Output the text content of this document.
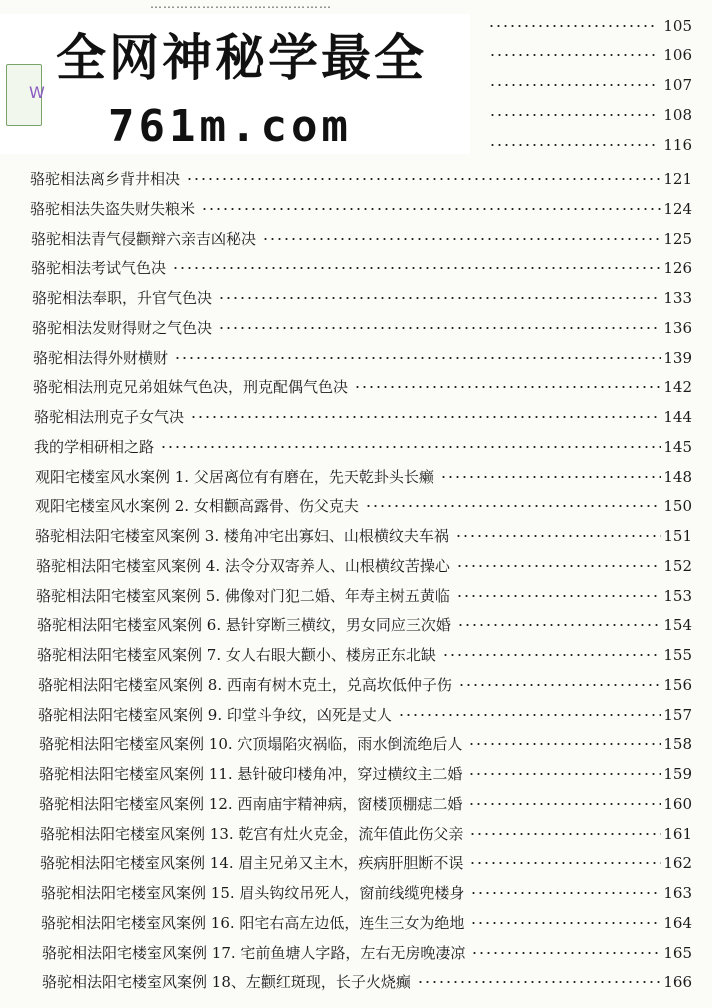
……………………………………
105
106
107
108
116
骆驼相法离乡背井相决	121
骆驼相法失盗失财失粮米	124
骆驼相法青气侵颧辩六亲吉凶秘决	125
骆驼相法考试气色决	126
骆驼相法奉职，升官气色决	133
骆驼相法发财得财之气色决	136
骆驼相法得外财横财	139
骆驼相法刑克兄弟姐妹气色决，刑克配偶气色决	142
骆驼相法刑克子女气决	144
我的学相研相之路	145
观阳宅楼室风水案例 1. 父居离位有有磨在，先天乾卦头长癞	148
观阳宅楼室风水案例 2. 女相颧高露骨、伤父克夫	150
骆驼相法阳宅楼室风案例 3. 楼角冲宅出寡妇、山根横纹夫车祸	151
骆驼相法阳宅楼室风案例 4. 法令分双寄养人、山根横纹苦操心	152
骆驼相法阳宅楼室风案例 5. 佛像对门犯二婚、年寿主树五黄临	153
骆驼相法阳宅楼室风案例 6. 悬针穿断三横纹，男女同应三次婚	154
骆驼相法阳宅楼室风案例 7. 女人右眼大颧小、楼房正东北缺	155
骆驼相法阳宅楼室风案例 8. 西南有树木克土，兑高坎低仲子伤	156
骆驼相法阳宅楼室风案例 9. 印堂斗争纹，凶死是丈人	157
骆驼相法阳宅楼室风案例 10. 穴顶塌陷灾祸临，雨水倒流绝后人	158
骆驼相法阳宅楼室风案例 11. 悬针破印楼角冲，穿过横纹主二婚	159
骆驼相法阳宅楼室风案例 12. 西南庙宇精神病，窗楼顶棚痣二婚	160
骆驼相法阳宅楼室风案例 13. 乾宫有灶火克金，流年值此伤父亲	161
骆驼相法阳宅楼室风案例 14. 眉主兄弟又主木，疾病肝胆断不误	162
骆驼相法阳宅楼室风案例 15. 眉头钩纹吊死人，窗前线缆兜楼身	163
骆驼相法阳宅楼室风案例 16. 阳宅右高左边低，连生三女为绝地	164
骆驼相法阳宅楼室风案例 17. 宅前鱼塘人字路，左右无房晚凄凉	165
骆驼相法阳宅楼室风案例 18、左颧红斑现，长子火烧癫	166
全网神秘学最全
761m.com
W
